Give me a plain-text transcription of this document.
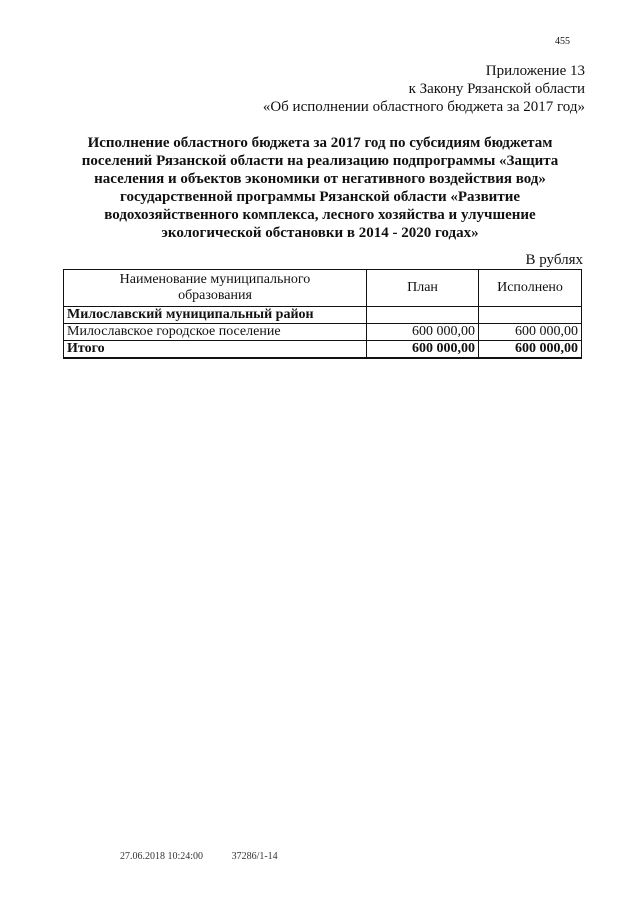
455
Приложение 13
к Закону Рязанской области
«Об исполнении областного бюджета за 2017 год»
Исполнение областного бюджета за 2017 год по субсидиям бюджетам
поселений Рязанской области на реализацию подпрограммы «Защита
населения и объектов экономики от негативного воздействия вод»
государственной программы Рязанской области «Развитие
водохозяйственного комплекса, лесного хозяйства и улучшение
экологической обстановки в 2014 - 2020 годах»
В рублях
Наименование муниципального
образования	План	Исполнено
Милославский муниципальный район		
Милославское городское поселение	600 000,00	600 000,00
Итого	600 000,00	600 000,00
27.06.2018 10:24:00	37286/1-14
